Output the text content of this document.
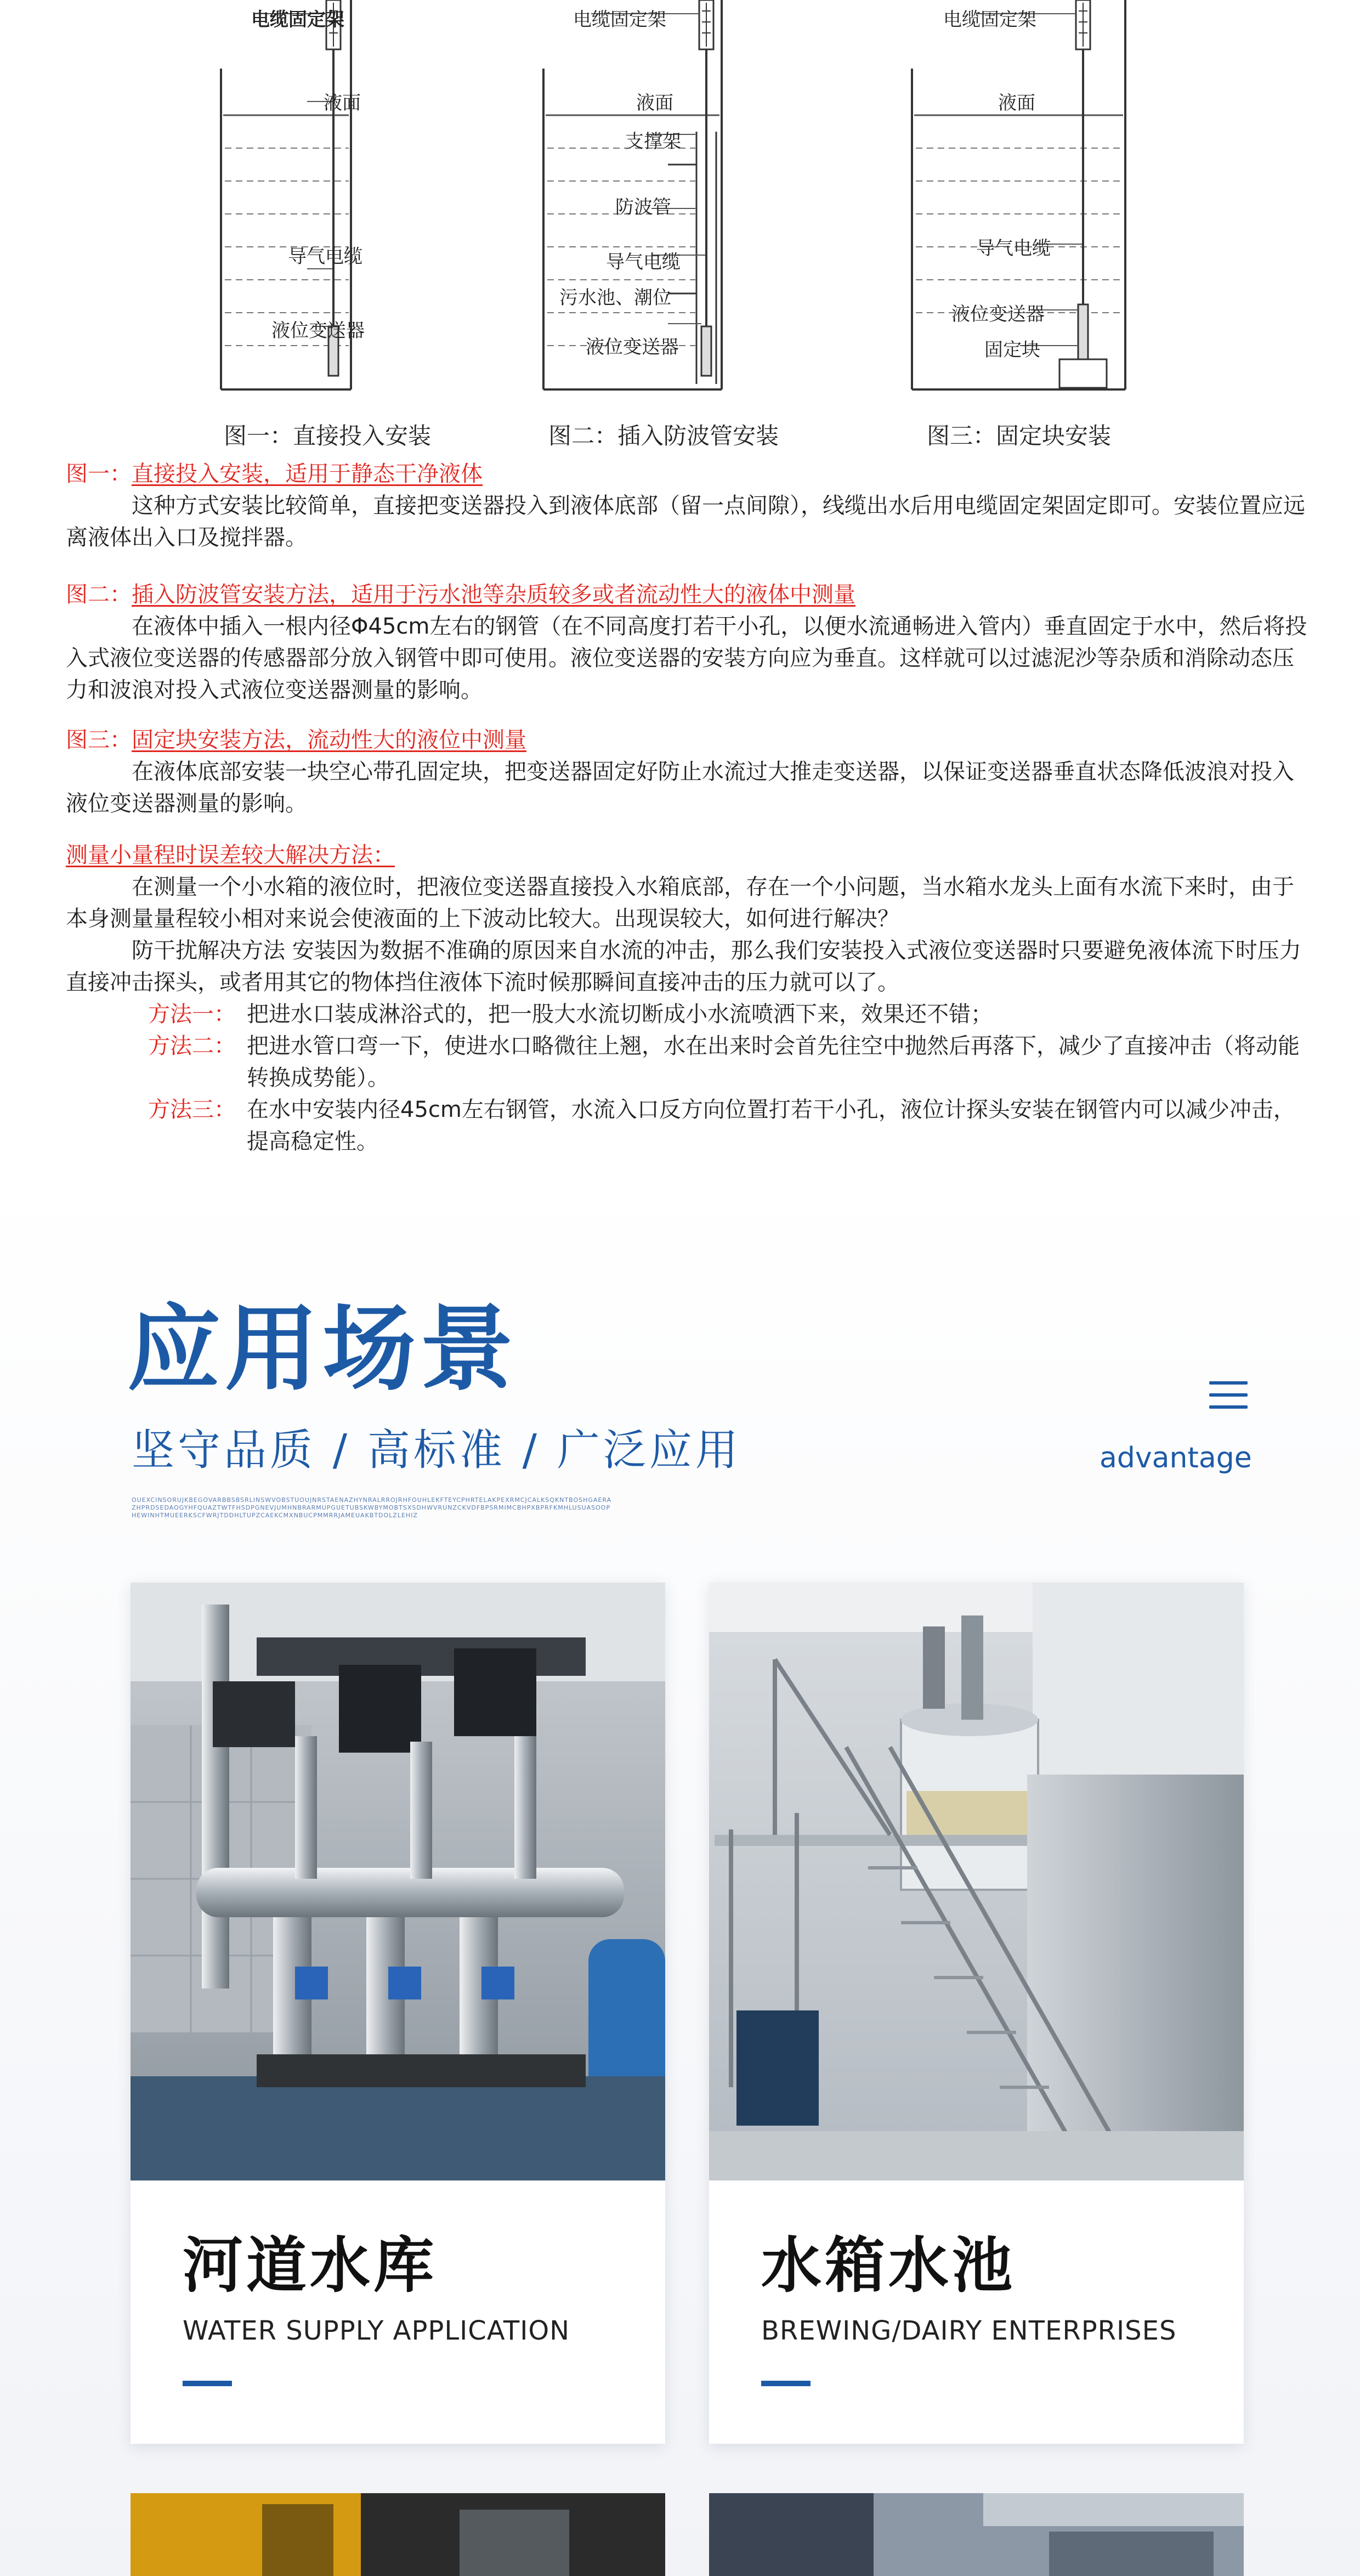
电缆固定架
液面
导气电缆
液位变送器
图一：直接投入安装
电缆固定架
液面
支撑架
防波管
导气电缆
污水池、潮位
液位变送器
图二：插入防波管安装
电缆固定架
液面
导气电缆
液位变送器
固定块
图三：固定块安装
图一：直接投入安装，适用于静态干净液体
这种方式安装比较简单，直接把变送器投入到液体底部（留一点间隙），线缆出水后用电缆固定架固定即可。安装位置应远离液体出入口及搅拌器。
图二：插入防波管安装方法，适用于污水池等杂质较多或者流动性大的液体中测量
在液体中插入一根内径Φ45cm左右的钢管（在不同高度打若干小孔，以便水流通畅进入管内）垂直固定于水中，然后将投入式液位变送器的传感器部分放入钢管中即可使用。液位变送器的安装方向应为垂直。这样就可以过滤泥沙等杂质和消除动态压力和波浪对投入式液位变送器测量的影响。
图三：固定块安装方法，流动性大的液位中测量
在液体底部安装一块空心带孔固定块，把变送器固定好防止水流过大推走变送器，以保证变送器垂直状态降低波浪对投入液位变送器测量的影响。
测量小量程时误差较大解决方法：
在测量一个小水箱的液位时，把液位变送器直接投入水箱底部，存在一个小问题，当水箱水龙头上面有水流下来时，由于本身测量量程较小相对来说会使液面的上下波动比较大。出现误较大，如何进行解决？
防干扰解决方法 安装因为数据不准确的原因来自水流的冲击，那么我们安装投入式液位变送器时只要避免液体流下时压力直接冲击探头，或者用其它的物体挡住液体下流时候那瞬间直接冲击的压力就可以了。
方法一： 把进水口装成淋浴式的，把一股大水流切断成小水流喷洒下来，效果还不错；
方法二： 把进水管口弯一下，使进水口略微往上翘，水在出来时会首先往空中抛然后再落下，减少了直接冲击（将动能转换成势能）。
方法三： 在水中安装内径45cm左右钢管，水流入口反方向位置打若干小孔，液位计探头安装在钢管内可以减少冲击，提高稳定性。
应用场景
坚守品质 / 高标准 / 广泛应用
OUEXCINSORUJKBEGOVARBBSBSRLINSWVOBSTUOUJNRSTAENAZHYNRALRROJRHFOUHLEKFTEYCPHRTELAKPEXRMCJCALKSQKNTBOSHGAERAZHPRDSEDAOGYHFQUAZTWTFHSDPGNEVJUMHNBRARMUPGUETUBSKWBYMOBTSXSDHWVRUNZCKVDFBPSRMIMCBHPXBPRFKMHLUSUASOOPHEWINHTMUEERKSCFWRJTDDHLTUPZCAEKCMXNBUCPMMRRJAMEUAKBTDOLZLEHIZ
advantage
河道水库
WATER SUPPLY APPLICATION
水箱水池
BREWING/DAIRY ENTERPRISES
